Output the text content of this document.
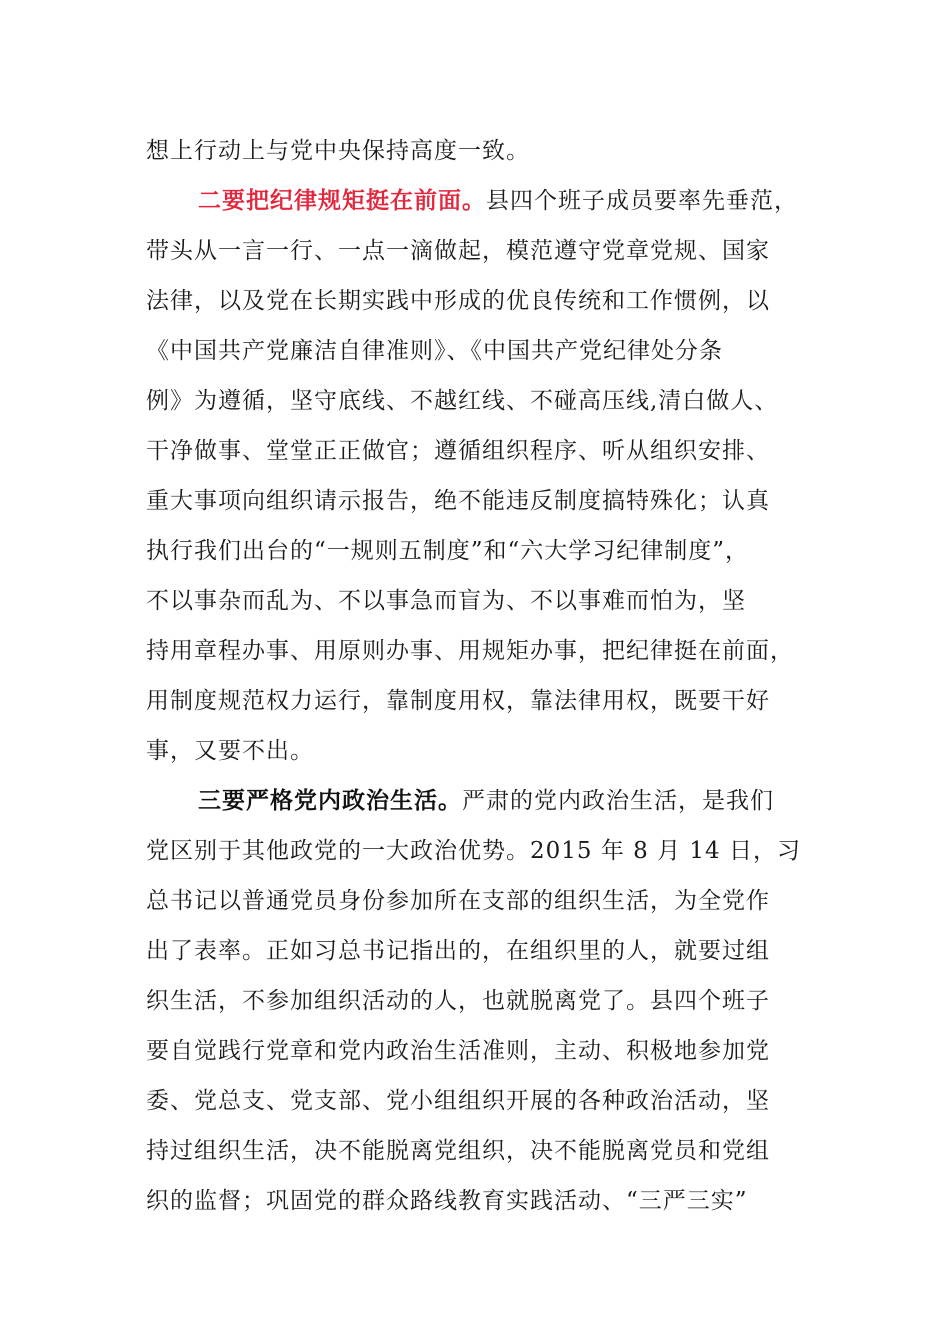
想上行动上与党中央保持高度一致。
二要把纪律规矩挺在前面。县四个班子成员要率先垂范，
带头从一言一行、一点一滴做起，模范遵守党章党规、国家
法律，以及党在长期实践中形成的优良传统和工作惯例，以
《中国共产党廉洁自律准则》、《中国共产党纪律处分条
例》为遵循，坚守底线、不越红线、不碰高压线,清白做人、
干净做事、堂堂正正做官；遵循组织程序、听从组织安排、
重大事项向组织请示报告，绝不能违反制度搞特殊化；认真
执行我们出台的“一规则五制度”和“六大学习纪律制度”，
不以事杂而乱为、不以事急而盲为、不以事难而怕为，坚
持用章程办事、用原则办事、用规矩办事，把纪律挺在前面，
用制度规范权力运行，靠制度用权，靠法律用权，既要干好
事，又要不出。
三要严格党内政治生活。严肃的党内政治生活，是我们
党区别于其他政党的一大政治优势。2015 年 8 月 14 日，习
总书记以普通党员身份参加所在支部的组织生活，为全党作
出了表率。正如习总书记指出的，在组织里的人，就要过组
织生活，不参加组织活动的人，也就脱离党了。县四个班子
要自觉践行党章和党内政治生活准则，主动、积极地参加党
委、党总支、党支部、党小组组织开展的各种政治活动，坚
持过组织生活，决不能脱离党组织，决不能脱离党员和党组
织的监督；巩固党的群众路线教育实践活动、“三严三实”
